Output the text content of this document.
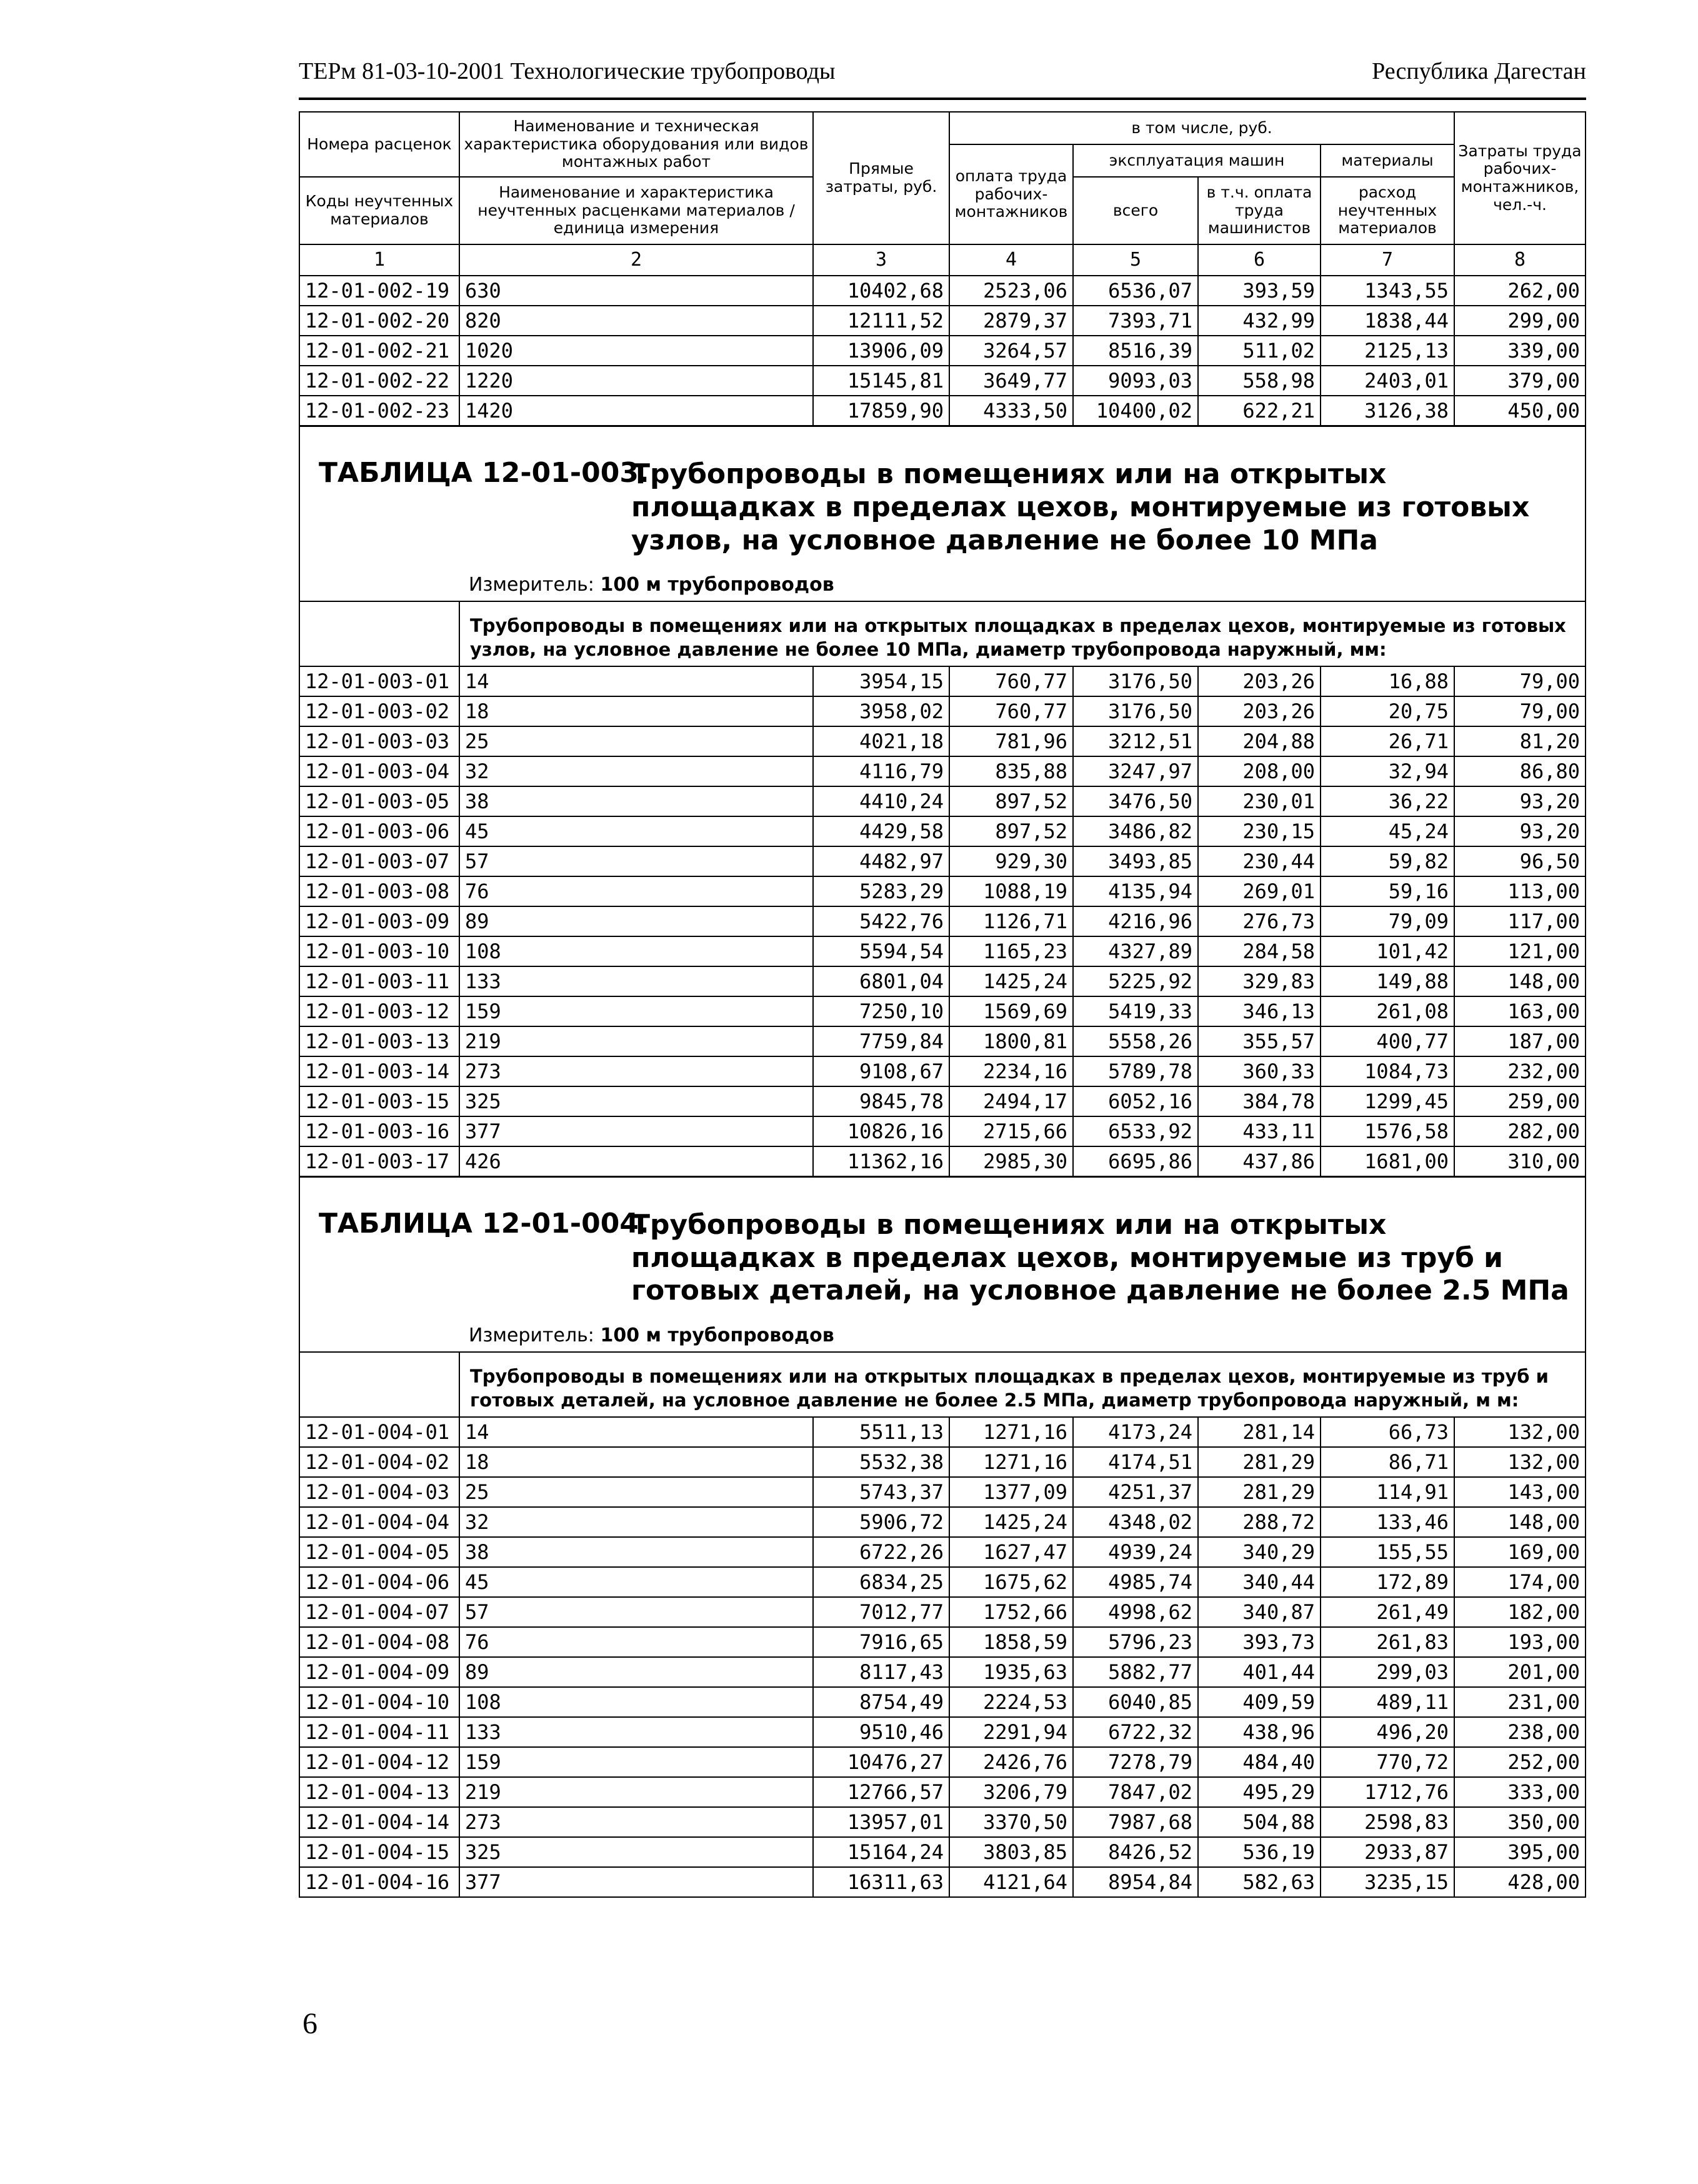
ТЕРм 81-03-10-2001 Технологические трубопроводы	Республика Дагестан
Номера расценок	Наименование и техническая характеристика оборудования или видов монтажных работ	Прямые затраты, руб.	в том числе, руб.				Затраты труда рабочих-монтажников, чел.-ч.
			оплата труда рабочих-монтажников	эксплуатация машин		материалы	
Коды неучтенных материалов	Наименование и характеристика неучтенных расценками материалов / единица измерения			всего	в т.ч. оплата труда машинистов	расход неучтенных материалов	

1	2	3	4	5	6	7	8
12-01-002-19	630	10402,68	2523,06	6536,07	393,59	1343,55	262,00
12-01-002-20	820	12111,52	2879,37	7393,71	432,99	1838,44	299,00
12-01-002-21	1020	13906,09	3264,57	8516,39	511,02	2125,13	339,00
12-01-002-22	1220	15145,81	3649,77	9093,03	558,98	2403,01	379,00
12-01-002-23	1420	17859,90	4333,50	10400,02	622,21	3126,38	450,00

ТАБЛИЦА 12-01-003.
Трубопроводы в помещениях или на открытых площадках в пределах цехов, монтируемые из готовых узлов, на условное давление не более 10 МПа
Измеритель: 100 м трубопроводов							

	Трубопроводы в помещениях или на открытых площадках в пределах цехов, монтируемые из готовых узлов, на условное давление не более 10 МПа, диаметр трубопровода наружный, мм:						
12-01-003-01	14	3954,15	760,77	3176,50	203,26	16,88	79,00
12-01-003-02	18	3958,02	760,77	3176,50	203,26	20,75	79,00
12-01-003-03	25	4021,18	781,96	3212,51	204,88	26,71	81,20
12-01-003-04	32	4116,79	835,88	3247,97	208,00	32,94	86,80
12-01-003-05	38	4410,24	897,52	3476,50	230,01	36,22	93,20
12-01-003-06	45	4429,58	897,52	3486,82	230,15	45,24	93,20
12-01-003-07	57	4482,97	929,30	3493,85	230,44	59,82	96,50
12-01-003-08	76	5283,29	1088,19	4135,94	269,01	59,16	113,00
12-01-003-09	89	5422,76	1126,71	4216,96	276,73	79,09	117,00
12-01-003-10	108	5594,54	1165,23	4327,89	284,58	101,42	121,00
12-01-003-11	133	6801,04	1425,24	5225,92	329,83	149,88	148,00
12-01-003-12	159	7250,10	1569,69	5419,33	346,13	261,08	163,00
12-01-003-13	219	7759,84	1800,81	5558,26	355,57	400,77	187,00
12-01-003-14	273	9108,67	2234,16	5789,78	360,33	1084,73	232,00
12-01-003-15	325	9845,78	2494,17	6052,16	384,78	1299,45	259,00
12-01-003-16	377	10826,16	2715,66	6533,92	433,11	1576,58	282,00
12-01-003-17	426	11362,16	2985,30	6695,86	437,86	1681,00	310,00

ТАБЛИЦА 12-01-004.
Трубопроводы в помещениях или на открытых площадках в пределах цехов, монтируемые из труб и готовых деталей, на условное давление не более 2.5 МПа
Измеритель: 100 м трубопроводов							

	Трубопроводы в помещениях или на открытых площадках в пределах цехов, монтируемые из труб и готовых деталей, на условное давление не более 2.5 МПа, диаметр трубопровода наружный, м м:						
12-01-004-01	14	5511,13	1271,16	4173,24	281,14	66,73	132,00
12-01-004-02	18	5532,38	1271,16	4174,51	281,29	86,71	132,00
12-01-004-03	25	5743,37	1377,09	4251,37	281,29	114,91	143,00
12-01-004-04	32	5906,72	1425,24	4348,02	288,72	133,46	148,00
12-01-004-05	38	6722,26	1627,47	4939,24	340,29	155,55	169,00
12-01-004-06	45	6834,25	1675,62	4985,74	340,44	172,89	174,00
12-01-004-07	57	7012,77	1752,66	4998,62	340,87	261,49	182,00
12-01-004-08	76	7916,65	1858,59	5796,23	393,73	261,83	193,00
12-01-004-09	89	8117,43	1935,63	5882,77	401,44	299,03	201,00
12-01-004-10	108	8754,49	2224,53	6040,85	409,59	489,11	231,00
12-01-004-11	133	9510,46	2291,94	6722,32	438,96	496,20	238,00
12-01-004-12	159	10476,27	2426,76	7278,79	484,40	770,72	252,00
12-01-004-13	219	12766,57	3206,79	7847,02	495,29	1712,76	333,00
12-01-004-14	273	13957,01	3370,50	7987,68	504,88	2598,83	350,00
12-01-004-15	325	15164,24	3803,85	8426,52	536,19	2933,87	395,00
12-01-004-16	377	16311,63	4121,64	8954,84	582,63	3235,15	428,00
6
